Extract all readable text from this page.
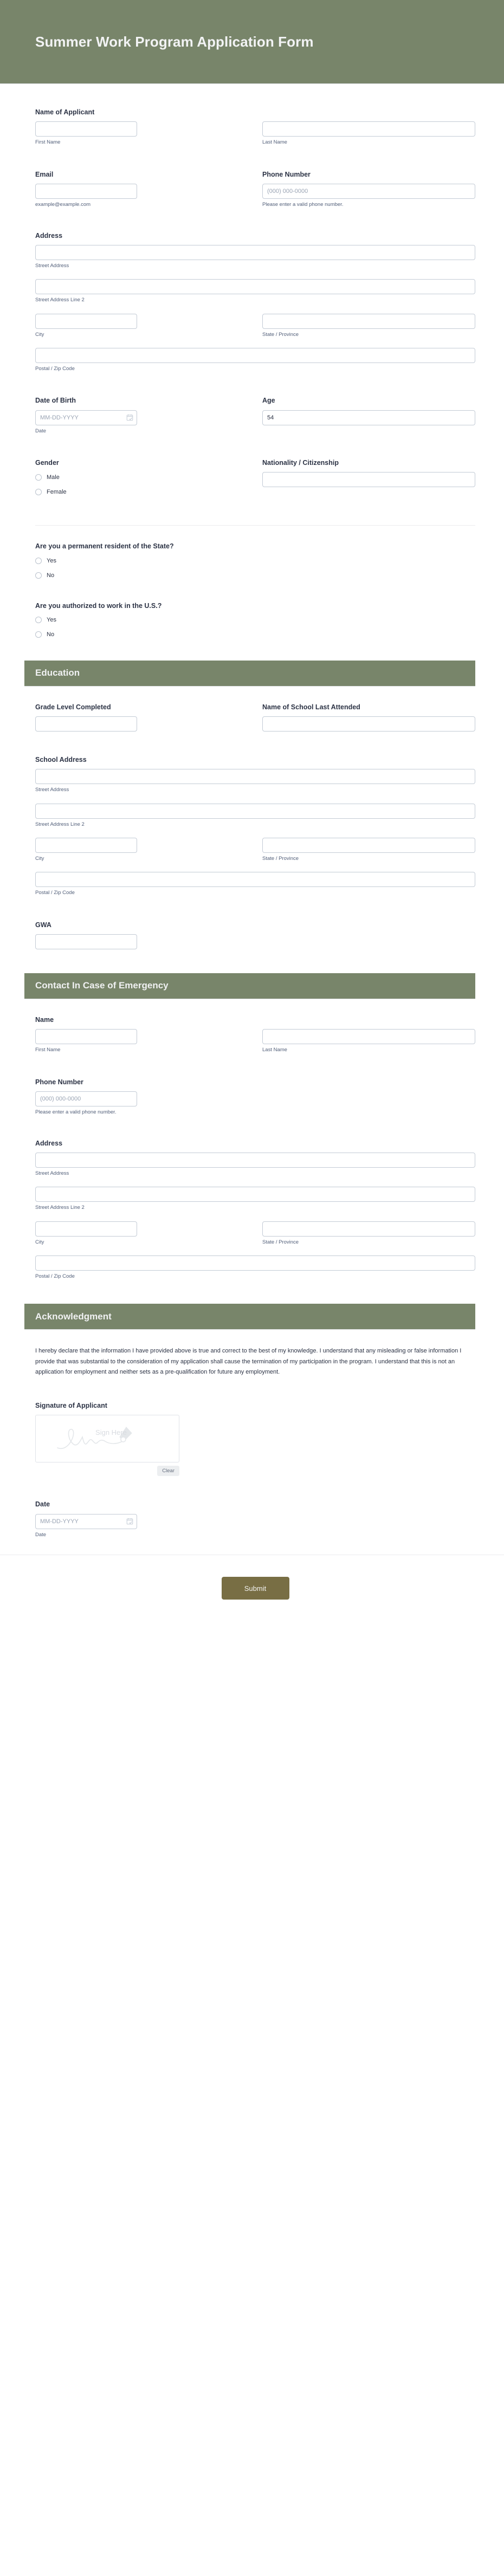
Summer Work Program Application Form
Name of Applicant
First Name	Last Name
Email
example@example.com
Phone Number
(000) 000-0000
Please enter a valid phone number.
Address
Street Address
Street Address Line 2
City	State / Province
Postal / Zip Code
Date of Birth
MM-DD-YYYY
Date
Age
54
Gender
Male
Female
Nationality / Citizenship
Are you a permanent resident of the State?
Yes
No
Are you authorized to work in the U.S.?
Yes
No
Education
Grade Level Completed	Name of School Last Attended
School Address
Street Address
Street Address Line 2
City	State / Province
Postal / Zip Code
GWA
Contact In Case of Emergency
Name
First Name	Last Name
Phone Number
(000) 000-0000
Please enter a valid phone number.
Address
Street Address
Street Address Line 2
City	State / Province
Postal / Zip Code
Acknowledgment
I hereby declare that the information I have provided above is true and correct to the best of my knowledge. I understand that any misleading or false information I provide that was substantial to the consideration of my application shall cause the termination of my participation in the program. I understand that this is not an application for employment and neither sets as a pre-qualification for future any employment.
Signature of Applicant
Sign Here
Clear
Date
MM-DD-YYYY
Date
Submit
